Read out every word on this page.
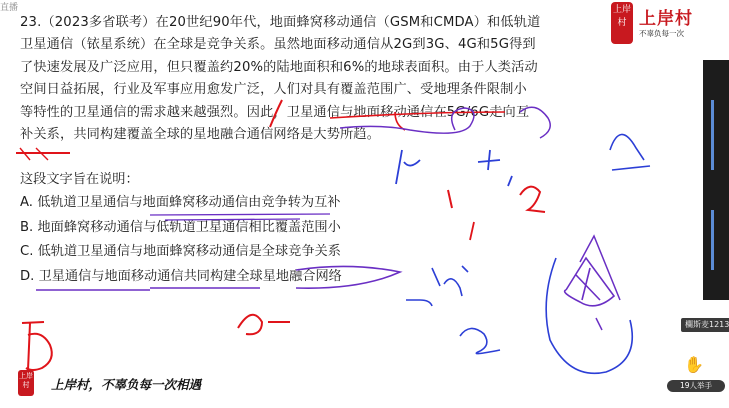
直播	上岸村 上岸村
不辜负每一次

23.（2023多省联考）在20世纪90年代，地面蜂窝移动通信（GSM和CMDA）和低轨道

卫星通信（铱星系统）在全球是竞争关系。虽然地面移动通信从2G到3G、4G和5G得到

了快速发展及广泛应用，但只覆盖约20%的陆地面积和6%的地球表面积。由于人类活动

空间日益拓展，行业及军事应用愈发广泛，人们对具有覆盖范围广、受地理条件限制小

等特性的卫星通信的需求越来越强烈。因此，卫星通信与地面移动通信在5G/6G走向互

补关系，共同构建覆盖全球的星地融合通信网络是大势所趋。

这段文字旨在说明：
A. 低轨道卫星通信与地面蜂窝移动通信由竞争转为互补
B. 地面蜂窝移动通信与低轨道卫星通信相比覆盖范围小
C. 低轨道卫星通信与地面蜂窝移动通信是全球竞争关系
D. 卫星通信与地面移动通信共同构建全球星地融合网络
欄斯麦1213
✋
19人举手
上岸村	上岸村，不辜负每一次相遇
